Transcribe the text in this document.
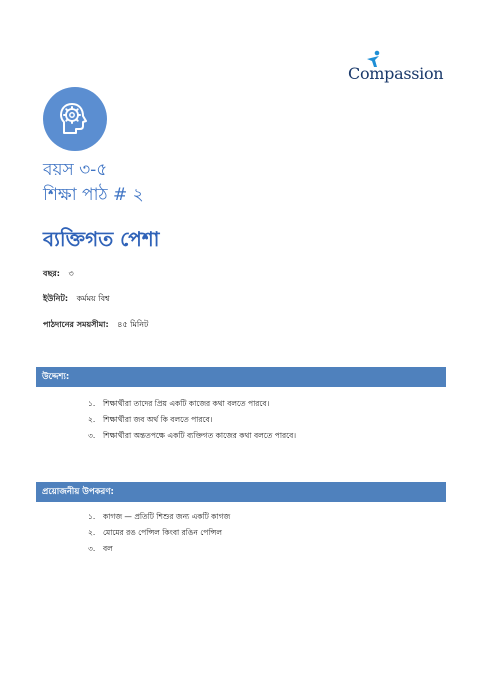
Compassion
বয়স ৩-৫
শিক্ষা পাঠ # ২
ব্যক্তিগত পেশা
বছর: ৩
ইউনিট: কর্মময় বিশ্ব
পাঠদানের সময়সীমা: ৪৫ মিনিট
উদ্দেশ্য:
১. শিক্ষার্থীরা তাদের প্রিয় একটি কাজের কথা বলতে পারবে।
২. শিক্ষার্থীরা জব অর্থ কি বলতে পারবে।
৩. শিক্ষার্থীরা অন্ততপক্ষে একটি ব্যক্তিগত কাজের কথা বলতে পারবে।
প্রয়োজনীয় উপকরণ:
১. কাগজ — প্রতিটি শিশুর জন্য একটি কাগজ
২. মোমের রঙ পেন্সিল কিংবা রঙিন পেন্সিল
৩. বল
